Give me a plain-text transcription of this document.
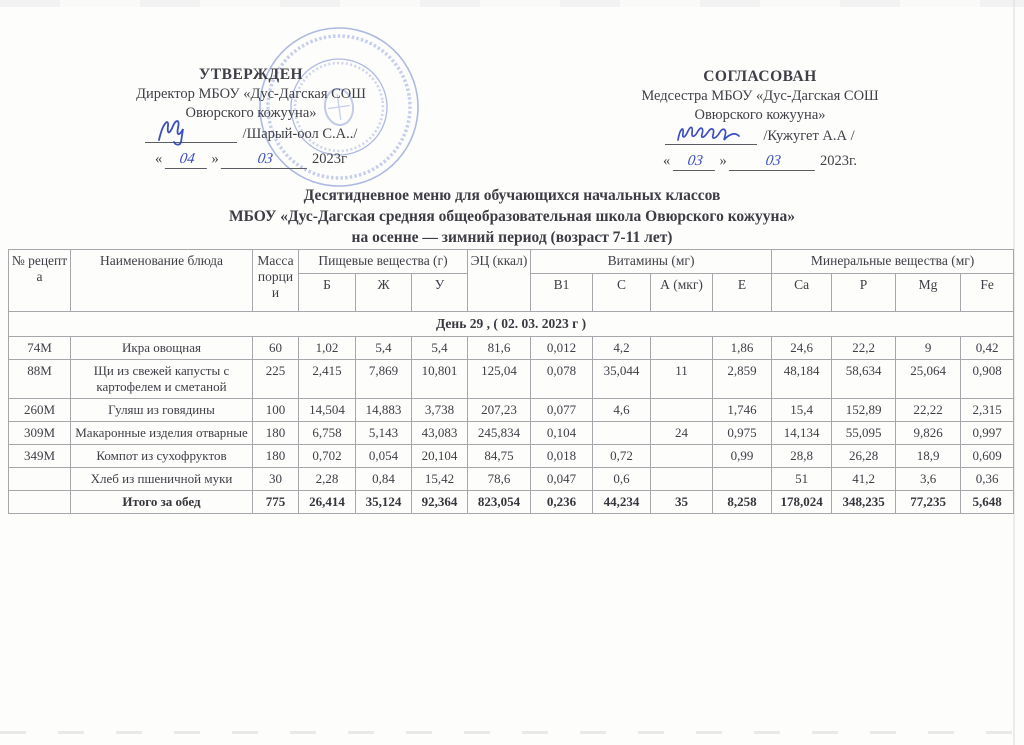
УТВЕРЖДЕН
Директор МБОУ «Дус-Дагская СОШ
Овюрского кожууна»
/Шарый-оол С.А../
« 04 »	03	2023г
СОГЛАСОВАН
Медсестра МБОУ «Дус-Дагская СОШ
Овюрского кожууна»
/Кужугет А.А /
« 03 »	03	2023г.
Десятидневное меню для обучающихся начальных классов
МБОУ «Дус-Дагская средняя общеобразовательная школа Овюрского кожууна»
на осенне — зимний период (возраст 7-11 лет)
№ рецепта	Наименование блюда	Масса порции	Пищевые вещества (г)			ЭЦ (ккал)	Витамины (мг)				Минеральные вещества (мг)			
			Б	Ж	У		В1	С	А (мкг)	Е	Са	Р	Mg	Fe
День 29 , ( 02. 03. 2023 г )														
74М	Икра овощная	60	1,02	5,4	5,4	81,6	0,012	4,2		1,86	24,6	22,2	9	0,42
88М	Щи из свежей капусты с картофелем и сметаной	225	2,415	7,869	10,801	125,04	0,078	35,044	11	2,859	48,184	58,634	25,064	0,908
260М	Гуляш из говядины	100	14,504	14,883	3,738	207,23	0,077	4,6		1,746	15,4	152,89	22,22	2,315
309М	Макаронные изделия отварные	180	6,758	5,143	43,083	245,834	0,104		24	0,975	14,134	55,095	9,826	0,997
349М	Компот из сухофруктов	180	0,702	0,054	20,104	84,75	0,018	0,72		0,99	28,8	26,28	18,9	0,609
	Хлеб из пшеничной муки	30	2,28	0,84	15,42	78,6	0,047	0,6			51	41,2	3,6	0,36
	Итого за обед	775	26,414	35,124	92,364	823,054	0,236	44,234	35	8,258	178,024	348,235	77,235	5,648
